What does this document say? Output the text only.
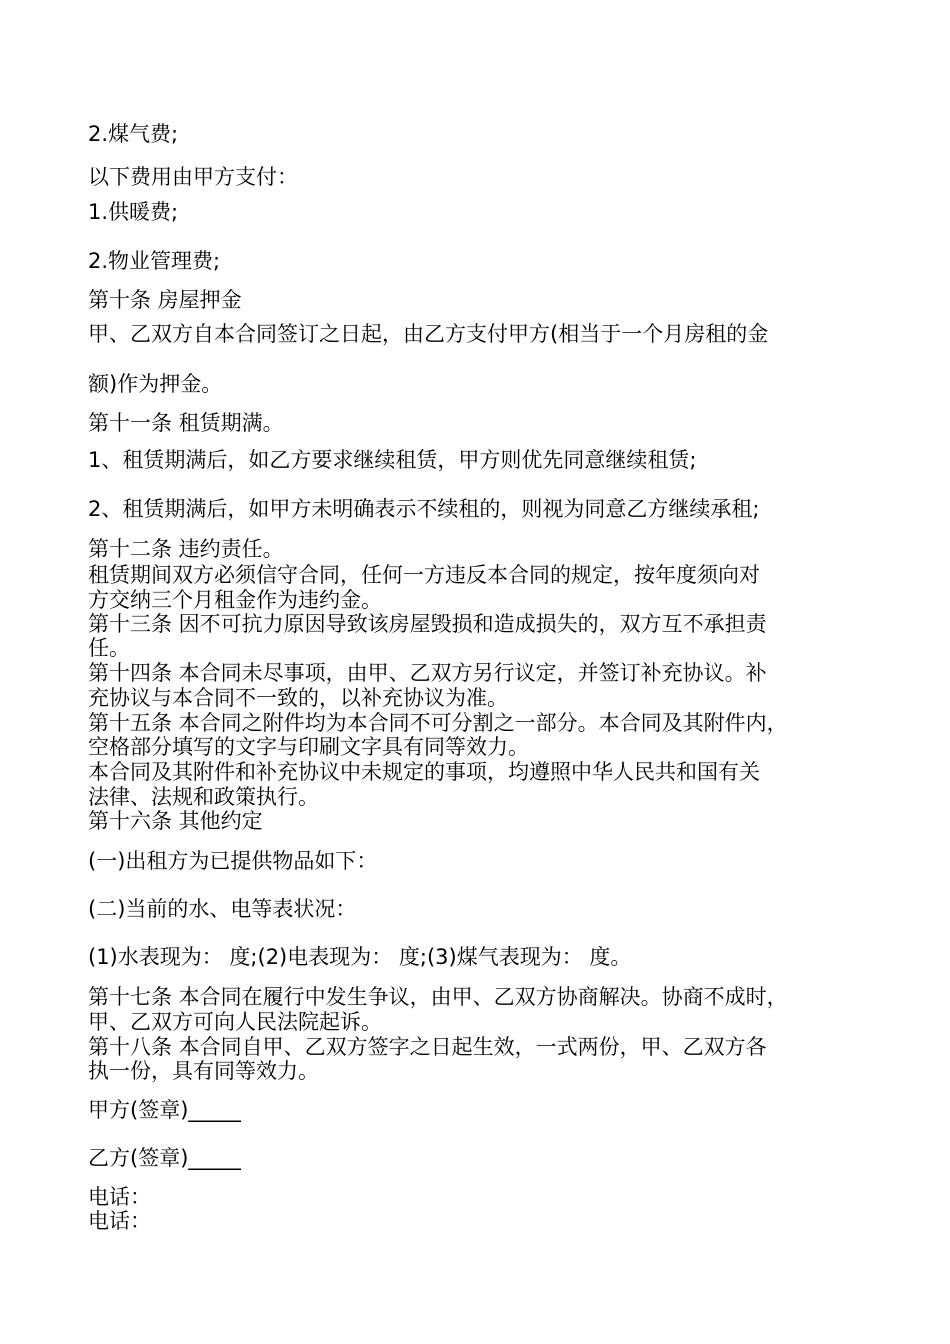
2.煤气费;
以下费用由甲方支付：
1.供暖费;
2.物业管理费;
第十条 房屋押金
甲、乙双方自本合同签订之日起，由乙方支付甲方(相当于一个月房租的金
额)作为押金。
第十一条 租赁期满。
1、租赁期满后，如乙方要求继续租赁，甲方则优先同意继续租赁;
2、租赁期满后，如甲方未明确表示不续租的，则视为同意乙方继续承租;
第十二条 违约责任。
租赁期间双方必须信守合同，任何一方违反本合同的规定，按年度须向对
方交纳三个月租金作为违约金。
第十三条 因不可抗力原因导致该房屋毁损和造成损失的，双方互不承担责
任。
第十四条 本合同未尽事项，由甲、乙双方另行议定，并签订补充协议。补
充协议与本合同不一致的，以补充协议为准。
第十五条 本合同之附件均为本合同不可分割之一部分。本合同及其附件内，
空格部分填写的文字与印刷文字具有同等效力。
本合同及其附件和补充协议中未规定的事项，均遵照中华人民共和国有关
法律、法规和政策执行。
第十六条 其他约定
(一)出租方为已提供物品如下：
(二)当前的水、电等表状况：
(1)水表现为： 度;(2)电表现为： 度;(3)煤气表现为： 度。
第十七条 本合同在履行中发生争议，由甲、乙双方协商解决。协商不成时，
甲、乙双方可向人民法院起诉。
第十八条 本合同自甲、乙双方签字之日起生效，一式两份，甲、乙双方各
执一份，具有同等效力。
甲方(签章)_____
乙方(签章)_____
电话：
电话：
